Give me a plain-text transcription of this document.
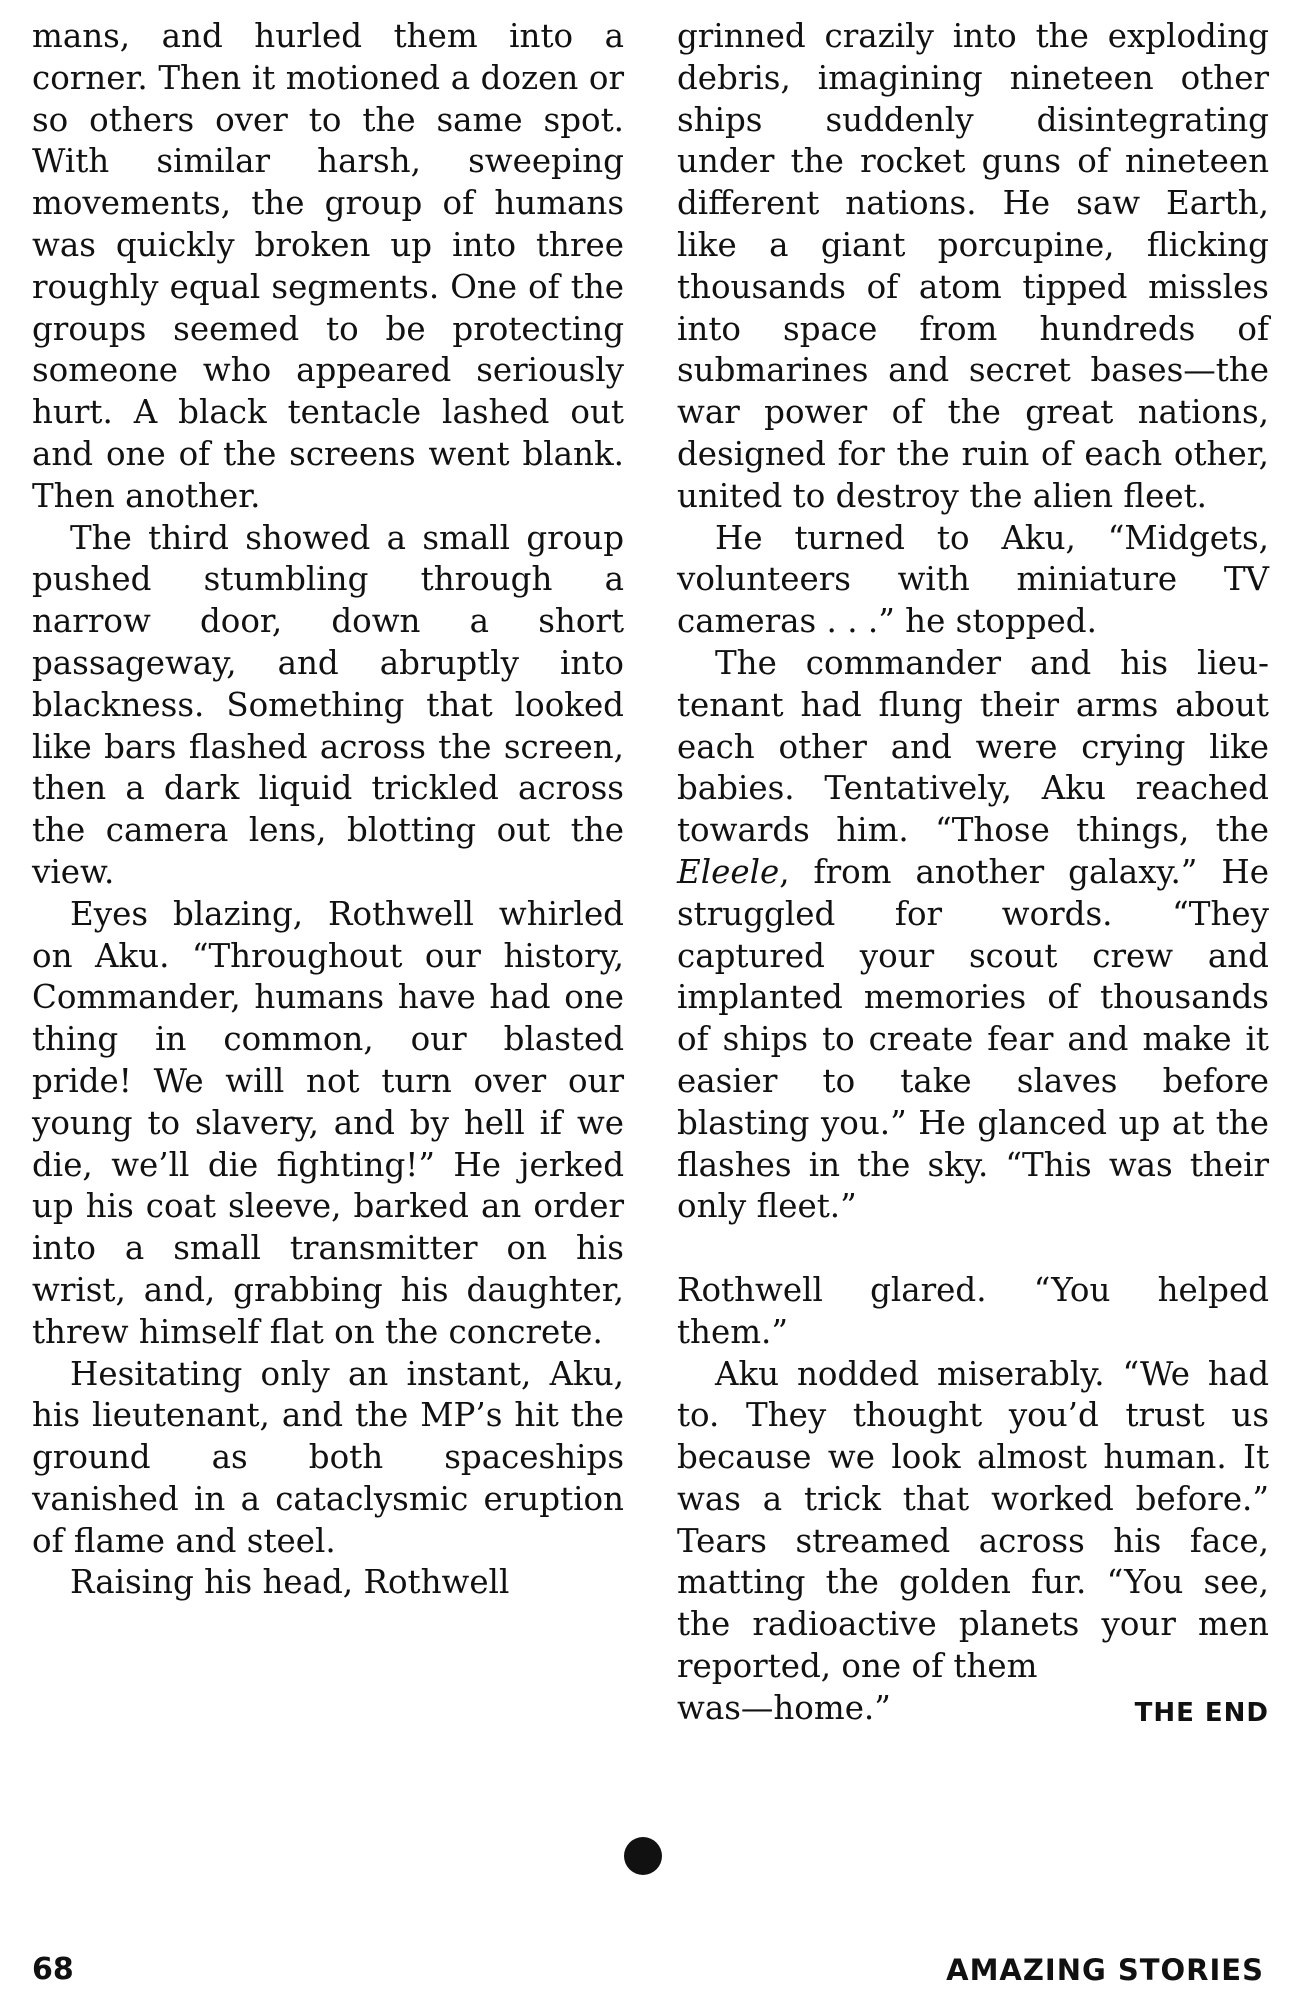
mans, and hurled them into a corner. Then it motioned a dozen or so others over to the same spot. With similar harsh, sweeping movements, the group of humans was quickly broken up into three roughly equal segments. One of the groups seemed to be protecting someone who appeared seriously hurt. A black tentacle lashed out and one of the screens went blank. Then another.

The third showed a small group pushed stumbling through a narrow door, down a short passageway, and abruptly into blackness. Something that looked like bars flashed across the screen, then a dark liquid trickled across the camera lens, blotting out the view.

Eyes blazing, Rothwell whirled on Aku. “Throughout our history, Commander, humans have had one thing in common, our blasted pride! We will not turn over our young to slavery, and by hell if we die, we’ll die fighting!” He jerked up his coat sleeve, barked an order into a small transmitter on his wrist, and, grabbing his daughter, threw himself flat on the concrete.

Hesitating only an instant, Aku, his lieutenant, and the MP’s hit the ground as both spaceships vanished in a cataclysmic eruption of flame and steel.

Raising his head, Rothwell

grinned crazily into the exploding debris, imagining nineteen other ships suddenly disintegrating under the rocket guns of nineteen different nations. He saw Earth, like a giant porcupine, flicking thousands of atom tipped missles into space from hundreds of submarines and secret bases—the war power of the great nations, designed for the ruin of each other, united to destroy the alien fleet.

He turned to Aku, “Midgets, volunteers with miniature TV cameras . . .” he stopped.

The commander and his lieutenant had flung their arms about each other and were crying like babies. Tentatively, Aku reached towards him. “Those things, the Eleele, from another galaxy.” He struggled for words. “They captured your scout crew and implanted memories of thousands of ships to create fear and make it easier to take slaves before blasting you.” He glanced up at the flashes in the sky. “This was their only fleet.”

Rothwell glared. “You helped them.”

Aku nodded miserably. “We had to. They thought you’d trust us because we look almost human. It was a trick that worked before.” Tears streamed across his face, matting the golden fur. “You see, the radioactive planets your men reported, one of them

was—home.”	THE END
68	AMAZING STORIES
